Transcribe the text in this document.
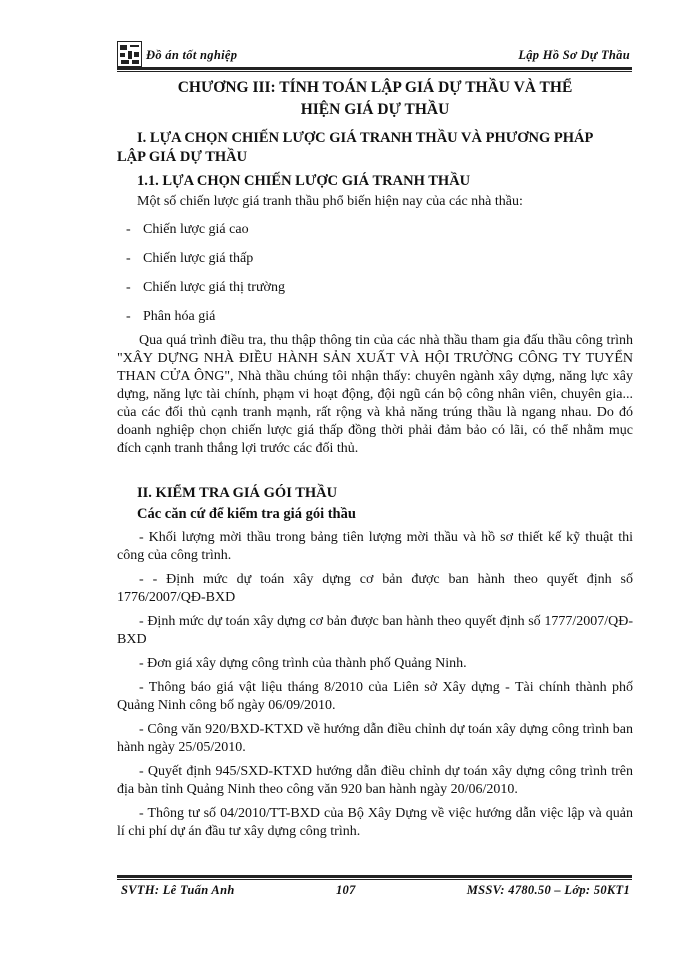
Đồ án tốt nghiệp	Lập Hồ Sơ Dự Thầu
CHƯƠNG III: TÍNH TOÁN LẬP GIÁ DỰ THẦU VÀ THỂ
HIỆN GIÁ DỰ THẦU
I. LỰA CHỌN CHIẾN LƯỢC GIÁ TRANH THẦU VÀ PHƯƠNG PHÁP
LẬP GIÁ DỰ THẦU
1.1. LỰA CHỌN CHIẾN LƯỢC GIÁ TRANH THẦU

Một số chiến lược giá tranh thầu phổ biến hiện nay của các nhà thầu:

- Chiến lược giá cao
- Chiến lược giá thấp
- Chiến lược giá thị trường
- Phân hóa giá

Qua quá trình điều tra, thu thập thông tin của các nhà thầu tham gia đấu thầu công trình "XÂY DỰNG NHÀ ĐIỀU HÀNH SẢN XUẤT VÀ HỘI TRƯỜNG CÔNG TY TUYỂN THAN CỬA ÔNG", Nhà thầu chúng tôi nhận thấy: chuyên ngành xây dựng, năng lực xây dựng, năng lực tài chính, phạm vi hoạt động, đội ngũ cán bộ công nhân viên, chuyên gia... của các đối thủ cạnh tranh mạnh, rất rộng và khả năng trúng thầu là ngang nhau. Do đó doanh nghiệp chọn chiến lược giá thấp đồng thời phải đảm bảo có lãi, có thể nhằm mục đích cạnh tranh thắng lợi trước các đối thủ.

II. KIỂM TRA GIÁ GÓI THẦU
Các căn cứ để kiểm tra giá gói thầu

- Khối lượng mời thầu trong bảng tiên lượng mời thầu và hồ sơ thiết kế kỹ thuật thi công của công trình.

- - Định mức dự toán xây dựng cơ bản được ban hành theo quyết định số 1776/2007/QĐ-BXD

- Định mức dự toán xây dựng cơ bản được ban hành theo quyết định số 1777/2007/QĐ-BXD

- Đơn giá xây dựng công trình của thành phố Quảng Ninh.

- Thông báo giá vật liệu tháng 8/2010 của Liên sở Xây dựng - Tài chính thành phố Quảng Ninh công bố ngày 06/09/2010.

- Công văn 920/BXD-KTXD về hướng dẫn điều chỉnh dự toán xây dựng công trình ban hành ngày 25/05/2010.

- Quyết định 945/SXD-KTXD hướng dẫn điều chỉnh dự toán xây dựng công trình trên địa bàn tỉnh Quảng Ninh theo công văn 920 ban hành ngày 20/06/2010.

- Thông tư số 04/2010/TT-BXD của Bộ Xây Dựng về việc hướng dẫn việc lập và quản lí chi phí dự án đầu tư xây dựng công trình.

SVTH: Lê Tuấn Anh	107	MSSV: 4780.50 – Lớp: 50KT1
